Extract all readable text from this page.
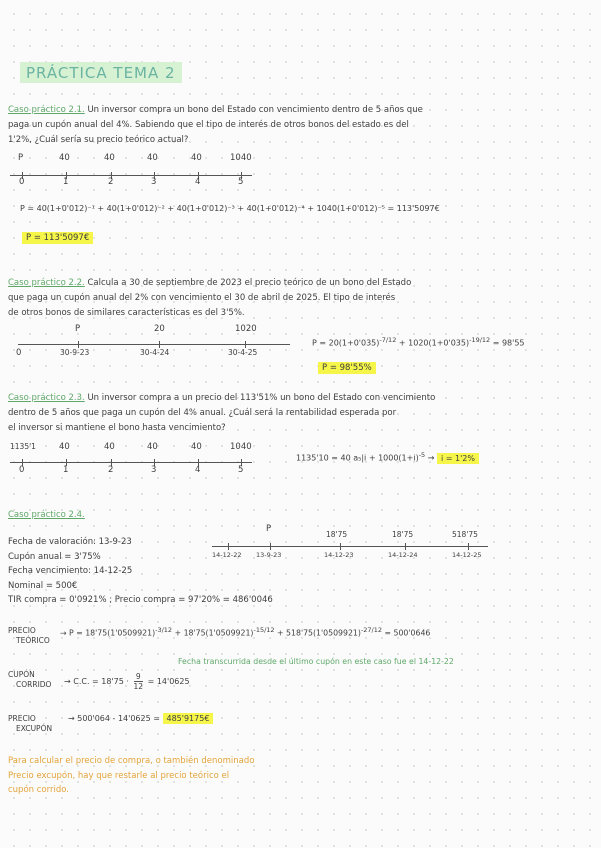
PRÁCTICA TEMA 2
Caso práctico 2.1. Un inversor compra un bono del Estado con vencimiento dentro de 5 años que
paga un cupón anual del 4%. Sabiendo que el tipo de interés de otros bonos del estado es del
1'2%, ¿Cuál sería su precio teórico actual?
P	40	40	40	40	1040
0	1	2	3	4	5
P = 40(1+0'012)⁻¹ + 40(1+0'012)⁻² + 40(1+0'012)⁻³ + 40(1+0'012)⁻⁴ + 1040(1+0'012)⁻⁵ = 113'5097€
P = 113'5097€
Caso práctico 2.2. Calcula a 30 de septiembre de 2023 el precio teórico de un bono del Estado
que paga un cupón anual del 2% con vencimiento el 30 de abril de 2025. El tipo de interés
de otros bonos de similares características es del 3'5%.
P	20	1020
0	30-9-23	30-4-24	30-4-25
$P = 20(1+0'035)^{-7/12} + 1020(1+0'035)^{-19/12} = 98'55$
P = 98'55%
Caso práctico 2.3. Un inversor compra a un precio del 113'51% un bono del Estado con vencimiento
dentro de 5 años que paga un cupón del 4% anual. ¿Cuál será la rentabilidad esperada por
el inversor si mantiene el bono hasta vencimiento?
1135'1	40	40	40	40	1040
0	1	2	3	4	5
1135'10 = 40 $a_5|i + 1000(1+i)^{-5} \to i = 1'2\%$
Caso práctico 2.4.
Fecha de valoración: 13-9-23
Cupón anual = 3'75%
Fecha vencimiento: 14-12-25
Nominal = 500€
TIR compra = 0'0921% ; Precio compra = 97'20% = 486'0046
P
18'75	18'75	518'75
14-12-22 13-9-23	14-12-23	14-12-24	14-12-25
PRECIO
TEÓRICO
→ $P = 18'75(1'0509921)^{-3/12} + 18'75(1'0509921)^{-15/12} + 518'75(1'0509921)^{-27/12} = 500'0646$
Fecha transcurrida desde el último cupón en este caso fue el 14-12-22
CUPÓN
CORRIDO → C.C. = $18'75 \cdot \frac{9}{12} = 14'0625$
PRECIO
EXCUPÓN
→ 500'064 - 14'0625 = 485'9175€
Para calcular el precio de compra, o también denominado
Precio excupón, hay que restarle al precio teórico el
cupón corrido.
